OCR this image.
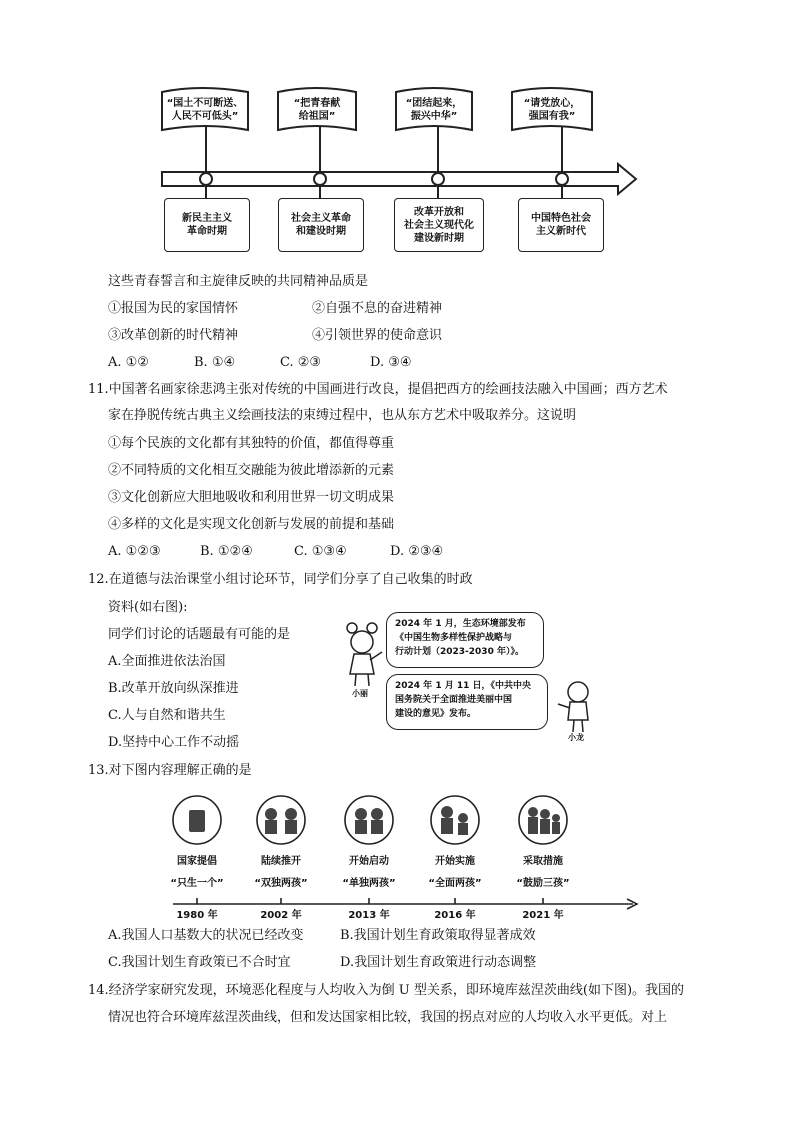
“国土不可断送、
人民不可低头”
“把青春献
给祖国”
“团结起来，
振兴中华”
“请党放心，
强国有我”
新民主主义
革命时期
社会主义革命
和建设时期
改革开放和
社会主义现代化
建设新时期
中国特色社会
主义新时代
这些青春誓言和主旋律反映的共同精神品质是
①报国为民的家国情怀	②自强不息的奋进精神
③改革创新的时代精神	④引领世界的使命意识
A. ①②	B. ①④	C. ②③	D. ③④
11.中国著名画家徐悲鸿主张对传统的中国画进行改良，提倡把西方的绘画技法融入中国画；西方艺术
家在挣脱传统古典主义绘画技法的束缚过程中，也从东方艺术中吸取养分。这说明
①每个民族的文化都有其独特的价值，都值得尊重
②不同特质的文化相互交融能为彼此增添新的元素
③文化创新应大胆地吸收和利用世界一切文明成果
④多样的文化是实现文化创新与发展的前提和基础
A. ①②③	B. ①②④	C. ①③④	D. ②③④
12.在道德与法治课堂小组讨论环节，同学们分享了自己收集的时政
资料(如右图):
同学们讨论的话题最有可能的是
A.全面推进依法治国
B.改革开放向纵深推进
C.人与自然和谐共生
D.坚持中心工作不动摇
小丽
小龙
2024 年 1 月，生态环境部发布
《中国生物多样性保护战略与
行动计划（2023-2030 年）》。
2024 年 1 月 11 日，《中共中央
国务院关于全面推进美丽中国
建设的意见》发布。
13.对下图内容理解正确的是
国家提倡	陆续推开	开始启动	开始实施	采取措施
“只生一个”	“双独两孩”	“单独两孩”	“全面两孩”	“鼓励三孩”
1980 年	2002 年	2013 年	2016 年	2021 年
A.我国人口基数大的状况已经改变	B.我国计划生育政策取得显著成效
C.我国计划生育政策已不合时宜	D.我国计划生育政策进行动态调整
14.经济学家研究发现，环境恶化程度与人均收入为倒 U 型关系，即环境库兹涅茨曲线(如下图)。我国的
情况也符合环境库兹涅茨曲线，但和发达国家相比较，我国的拐点对应的人均收入水平更低。对上
